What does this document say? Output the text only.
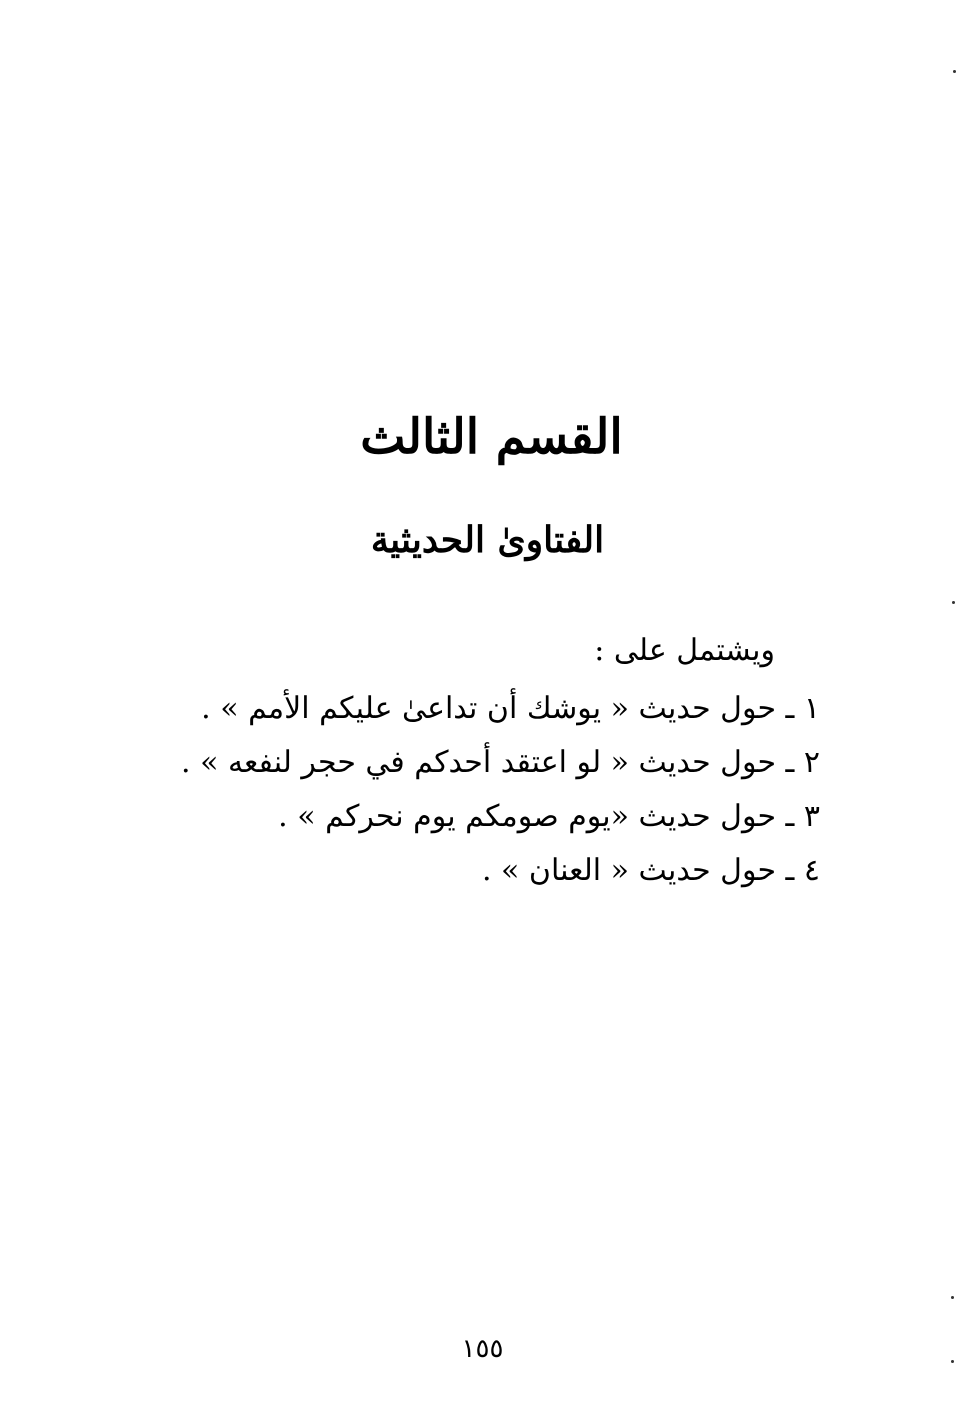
القسم الثالث
الفتاوىٰ الحديثية

ويشتمل على :

١ ـ حول حديث « يوشك أن تداعىٰ عليكم الأمم » .
٢ ـ حول حديث « لو اعتقد أحدكم في حجر لنفعه » .
٣ ـ حول حديث «يوم صومكم يوم نحركم » .
٤ ـ حول حديث « العنان » .
١٥٥
